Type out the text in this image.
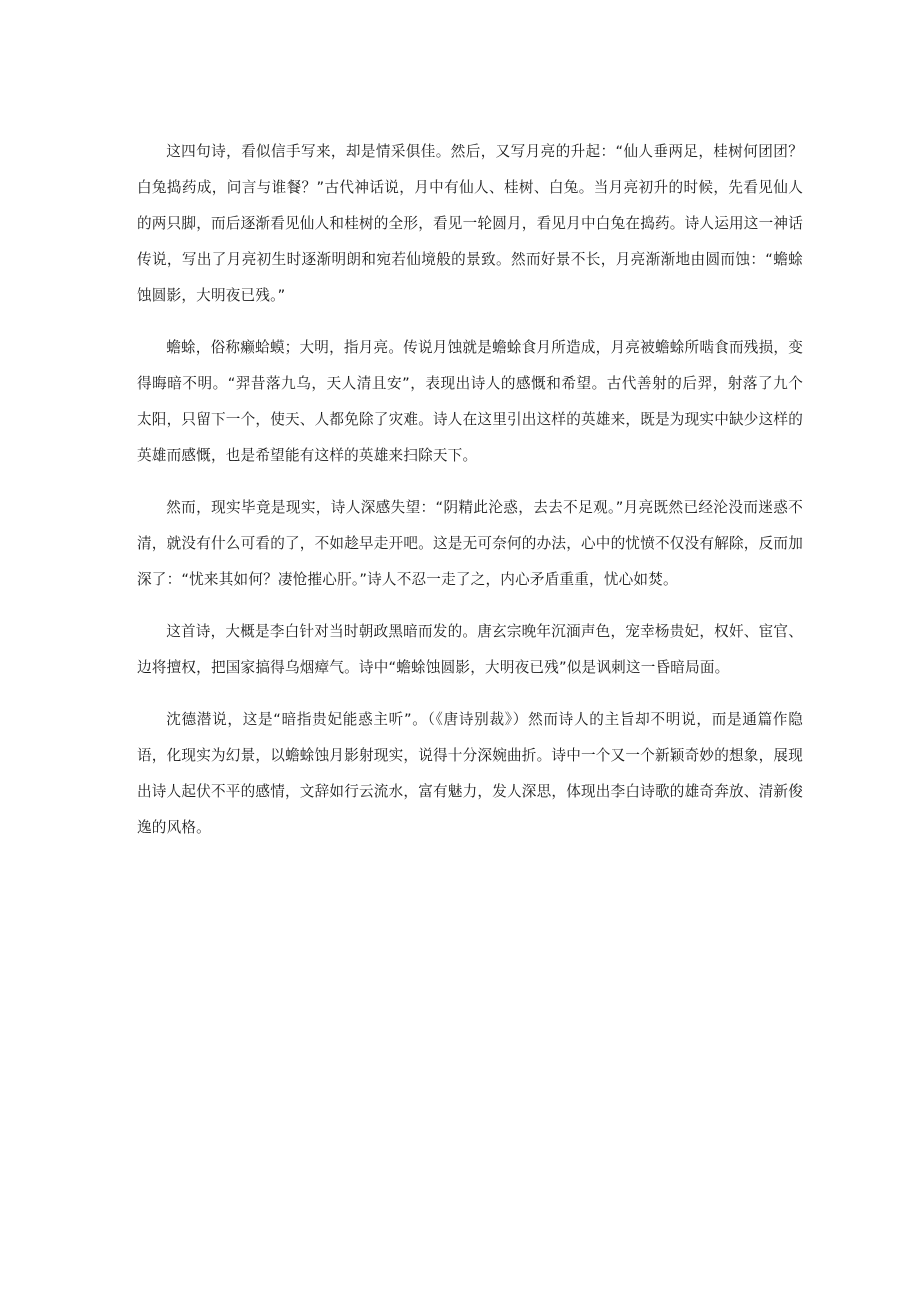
这四句诗，看似信手写来，却是情采俱佳。然后，又写月亮的升起：“仙人垂两足，桂树何团团？白兔捣药成，问言与谁餐？”古代神话说，月中有仙人、桂树、白兔。当月亮初升的时候，先看见仙人的两只脚，而后逐渐看见仙人和桂树的全形，看见一轮圆月，看见月中白兔在捣药。诗人运用这一神话传说，写出了月亮初生时逐渐明朗和宛若仙境般的景致。然而好景不长，月亮渐渐地由圆而蚀：“蟾蜍蚀圆影，大明夜已残。”

蟾蜍，俗称癞蛤蟆；大明，指月亮。传说月蚀就是蟾蜍食月所造成，月亮被蟾蜍所啮食而残损，变得晦暗不明。“羿昔落九乌，天人清且安”，表现出诗人的感慨和希望。古代善射的后羿，射落了九个太阳，只留下一个，使天、人都免除了灾难。诗人在这里引出这样的英雄来，既是为现实中缺少这样的英雄而感慨，也是希望能有这样的英雄来扫除天下。

然而，现实毕竟是现实，诗人深感失望：“阴精此沦惑，去去不足观。”月亮既然已经沦没而迷惑不清，就没有什么可看的了，不如趁早走开吧。这是无可奈何的办法，心中的忧愤不仅没有解除，反而加深了：“忧来其如何？凄怆摧心肝。”诗人不忍一走了之，内心矛盾重重，忧心如焚。

这首诗，大概是李白针对当时朝政黑暗而发的。唐玄宗晚年沉湎声色，宠幸杨贵妃，权奸、宦官、边将擅权，把国家搞得乌烟瘴气。诗中“蟾蜍蚀圆影，大明夜已残”似是讽刺这一昏暗局面。

沈德潜说，这是“暗指贵妃能惑主听”。（《唐诗别裁》）然而诗人的主旨却不明说，而是通篇作隐语，化现实为幻景，以蟾蜍蚀月影射现实，说得十分深婉曲折。诗中一个又一个新颖奇妙的想象，展现出诗人起伏不平的感情，文辞如行云流水，富有魅力，发人深思，体现出李白诗歌的雄奇奔放、清新俊逸的风格。
